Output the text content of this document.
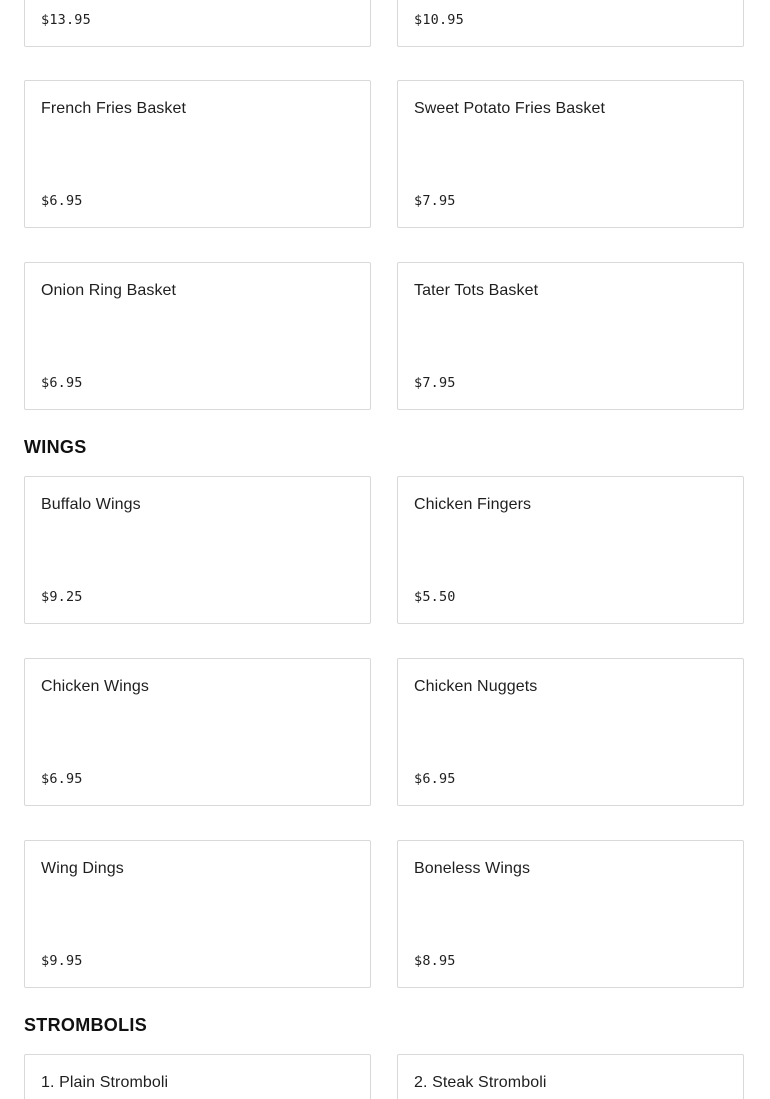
$13.95	$10.95
French Fries Basket
$6.95
Sweet Potato Fries Basket
$7.95
Onion Ring Basket
$6.95
Tater Tots Basket
$7.95
WINGS
Buffalo Wings
$9.25
Chicken Fingers
$5.50
Chicken Wings
$6.95
Chicken Nuggets
$6.95
Wing Dings
$9.95
Boneless Wings
$8.95
STROMBOLIS
1. Plain Stromboli	2. Steak Stromboli
